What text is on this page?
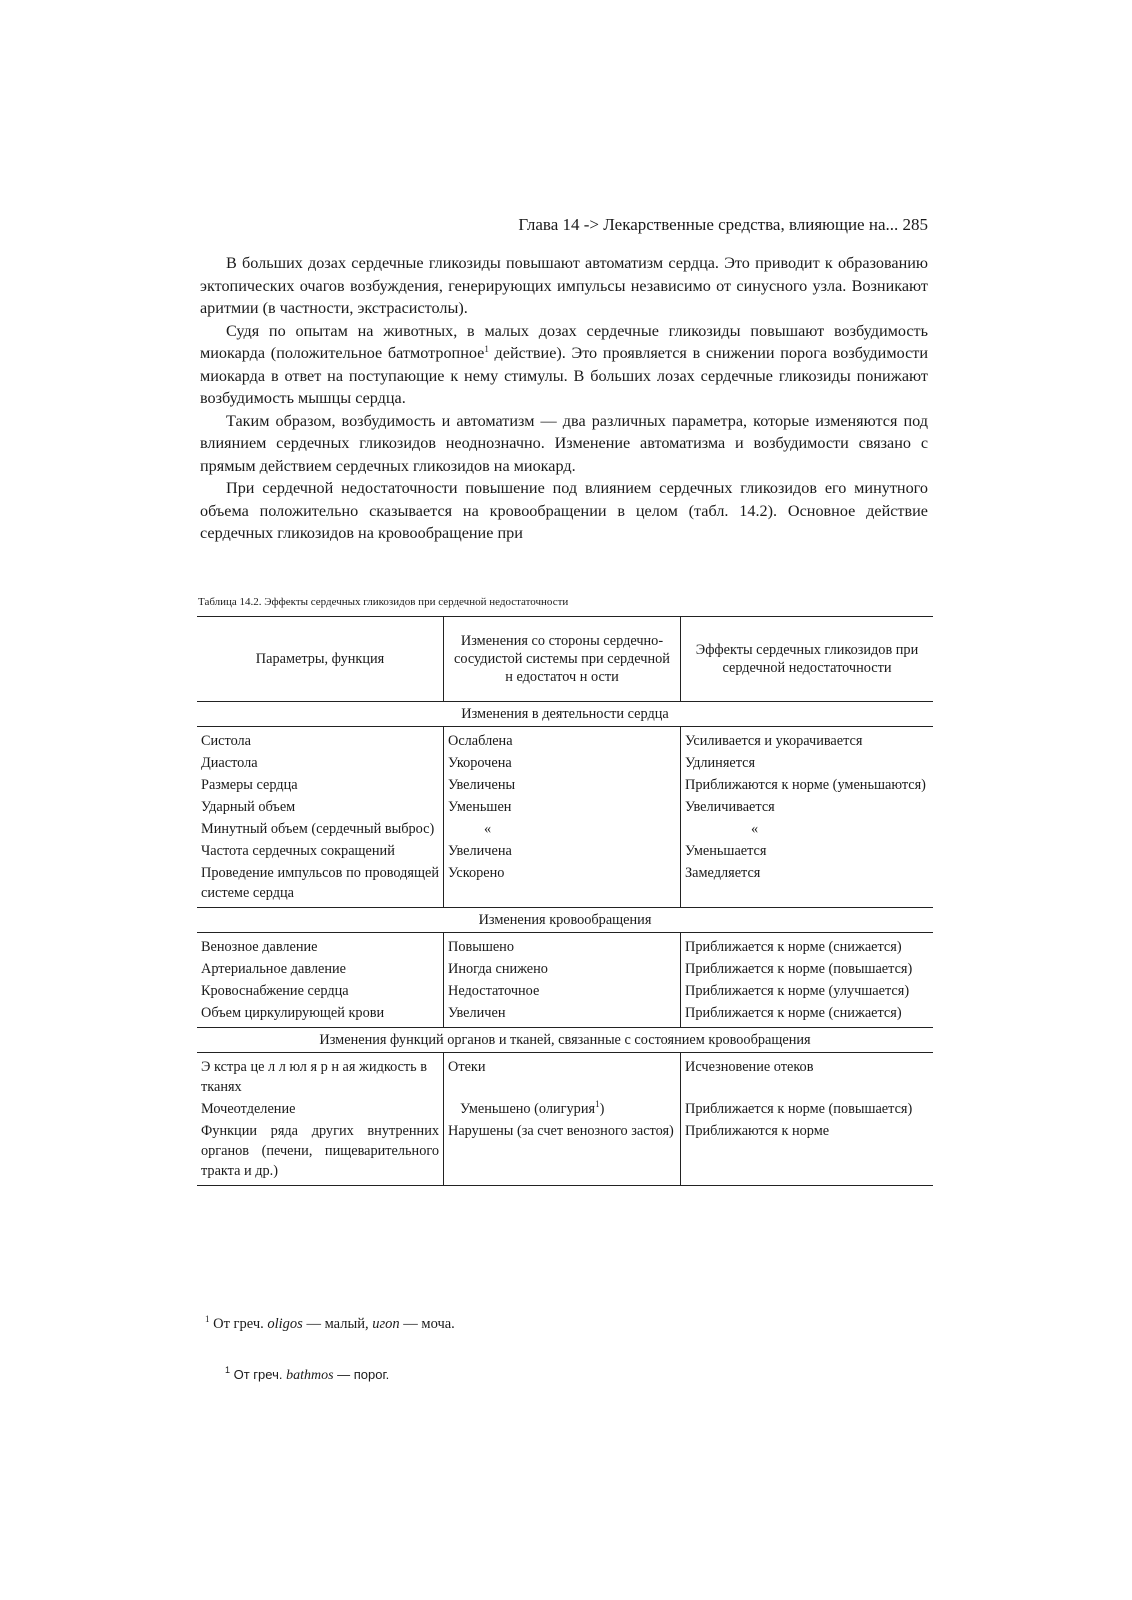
Глава 14 -> Лекарственные средства, влияющие на... 285

В больших дозах сердечные гликозиды повышают автоматизм сердца. Это приводит к образованию эктопических очагов возбуждения, генерирующих импульсы независимо от синусного узла. Возникают аритмии (в частности, экстрасистолы).

Судя по опытам на животных, в малых дозах сердечные гликозиды повышают возбудимость миокарда (положительное батмотропное$^1$ действие). Это проявляется в снижении порога возбудимости миокарда в ответ на поступающие к нему стимулы. В больших лозах сердечные гликозиды понижают возбудимость мышцы сердца.

Таким образом, возбудимость и автоматизм — два различных параметра, которые изменяются под влиянием сердечных гликозидов неоднозначно. Изменение автоматизма и возбудимости связано с прямым действием сердечных гликозидов на миокард.

При сердечной недостаточности повышение под влиянием сердечных гликозидов его минутного объема положительно сказывается на кровообращении в целом (табл. 14.2). Основное действие сердечных гликозидов на кровообращение при

Таблица 14.2. Эффекты сердечных гликозидов при сердечной недостаточности
Параметры, функция	Изменения со стороны сердечно-сосудистой системы при сердечной н едостаточ н ости	Эффекты сердечных гликозидов при сердечной недостаточности
Изменения в деятельности сердца		
Систола	Ослаблена	Усиливается и укорачивается
Диастола	Укорочена	Удлиняется
Размеры сердца	Увеличены	Приближаются к норме (уменьшаются)
Ударный объем	Уменьшен	Увеличивается
Минутный объем (сердечный выброс)	«	«
Частота сердечных сокращений	Увеличена	Уменьшается
Проведение импульсов по проводящей системе сердца	Ускорено	Замедляется
Изменения кровообращения		
Венозное давление	Повышено	Приближается к норме (снижается)
Артериальное давление	Иногда снижено	Приближается к норме (повышается)
Кровоснабжение сердца	Недостаточное	Приближается к норме (улучшается)
Объем циркулирующей крови	Увеличен	Приближается к норме (снижается)
Изменения функций органов и тканей, связанные с состоянием кровообращения		
Э кстра це л л юл я р н ая жидкость в тканях	Отеки	Исчезновение отеков
Мочеотделение	Уменьшено (олигурия$^1$)	Приближается к норме (повышается)
Функции ряда других внутренних органов (печени, пищеварительного тракта и др.)	Нарушены (за счет венозного застоя)	Приближаются к норме
$^1$ От греч. oligos — малый, игоп — моча.
$^1$ От греч. bathmos — порог.
